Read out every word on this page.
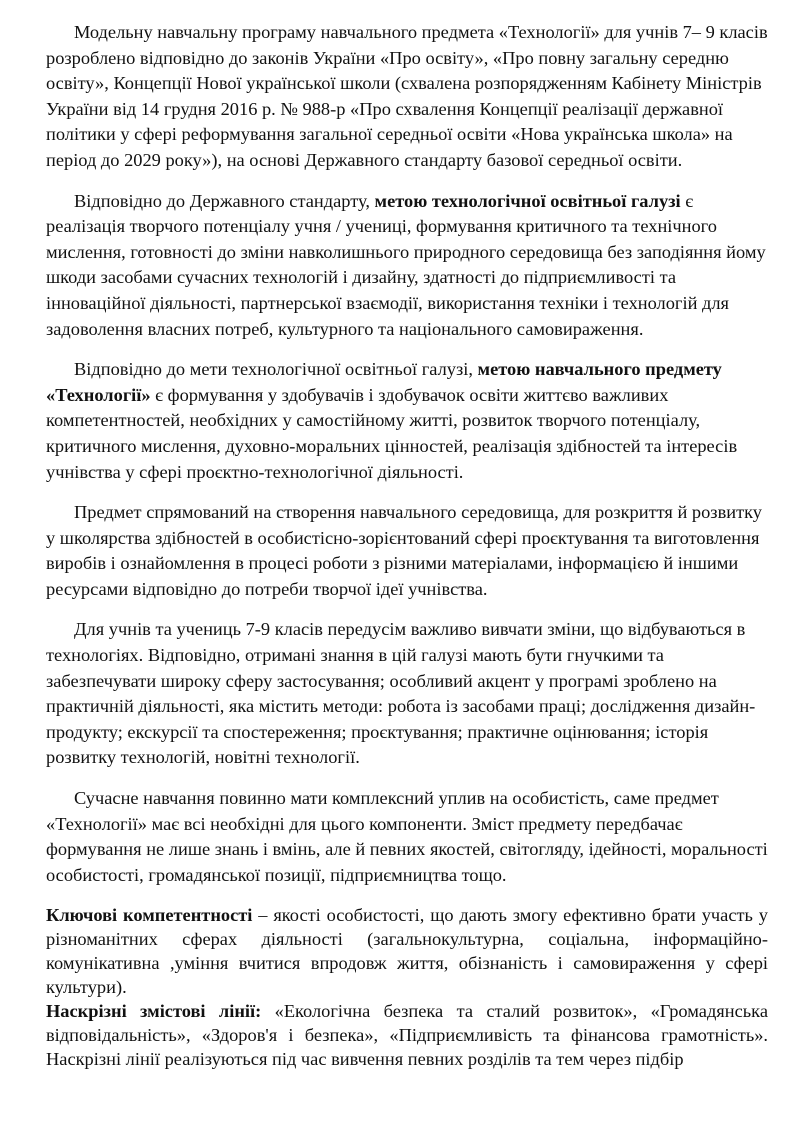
Модельну навчальну програму навчального предмета «Технології» для учнів 7– 9 класів розроблено відповідно до законів України «Про освіту», «Про повну загальну середню освіту», Концепції Нової української школи (схвалена розпорядженням Кабінету Міністрів України від 14 грудня 2016 р. № 988-р «Про схвалення Концепції реалізації державної політики у сфері реформування загальної середньої освіти «Нова українська школа» на період до 2029 року»), на основі Державного стандарту базової середньої освіти.

Відповідно до Державного стандарту, метою технологічної освітньої галузі є реалізація творчого потенціалу учня / учениці, формування критичного та технічного мислення, готовності до зміни навколишнього природного середовища без заподіяння йому шкоди засобами сучасних технологій і дизайну, здатності до підприємливості та інноваційної діяльності, партнерської взаємодії, використання техніки і технологій для задоволення власних потреб, культурного та національного самовираження.

Відповідно до мети технологічної освітньої галузі, метою навчального предмету «Технології» є формування у здобувачів і здобувачок освіти життєво важливих компетентностей, необхідних у самостійному житті, розвиток творчого потенціалу, критичного мислення, духовно-моральних цінностей, реалізація здібностей та інтересів учнівства у сфері проєктно-технологічної діяльності.

Предмет спрямований на створення навчального середовища, для розкриття й розвитку у школярства здібностей в особистісно-зорієнтований сфері проєктування та виготовлення виробів і ознайомлення в процесі роботи з різними матеріалами, інформацією й іншими ресурсами відповідно до потреби творчої ідеї учнівства.

Для учнів та учениць 7-9 класів передусім важливо вивчати зміни, що відбуваються в технологіях. Відповідно, отримані знання в цій галузі мають бути гнучкими та забезпечувати широку сферу застосування; особливий акцент у програмі зроблено на практичній діяльності, яка містить методи: робота із засобами праці; дослідження дизайн-продукту; екскурсії та спостереження; проєктування; практичне оцінювання; історія розвитку технологій, новітні технології.

Сучасне навчання повинно мати комплексний уплив на особистість, саме предмет «Технології» має всі необхідні для цього компоненти. Зміст предмету передбачає формування не лише знань і вмінь, але й певних якостей, світогляду, ідейності, моральності особистості, громадянської позиції, підприємництва тощо.

Ключові компетентності – якості особистості, що дають змогу ефективно брати участь у різноманітних сферах діяльності (загальнокультурна, соціальна, інформаційно-комунікативна ,уміння вчитися впродовж життя, обізнаність і самовираження у сфері культури).

Наскрізні змістові лінії: «Екологічна безпека та сталий розвиток», «Громадянська відповідальність», «Здоров'я і безпека», «Підприємливість та фінансова грамотність». Наскрізні лінії реалізуються під час вивчення певних розділів та тем через підбір
